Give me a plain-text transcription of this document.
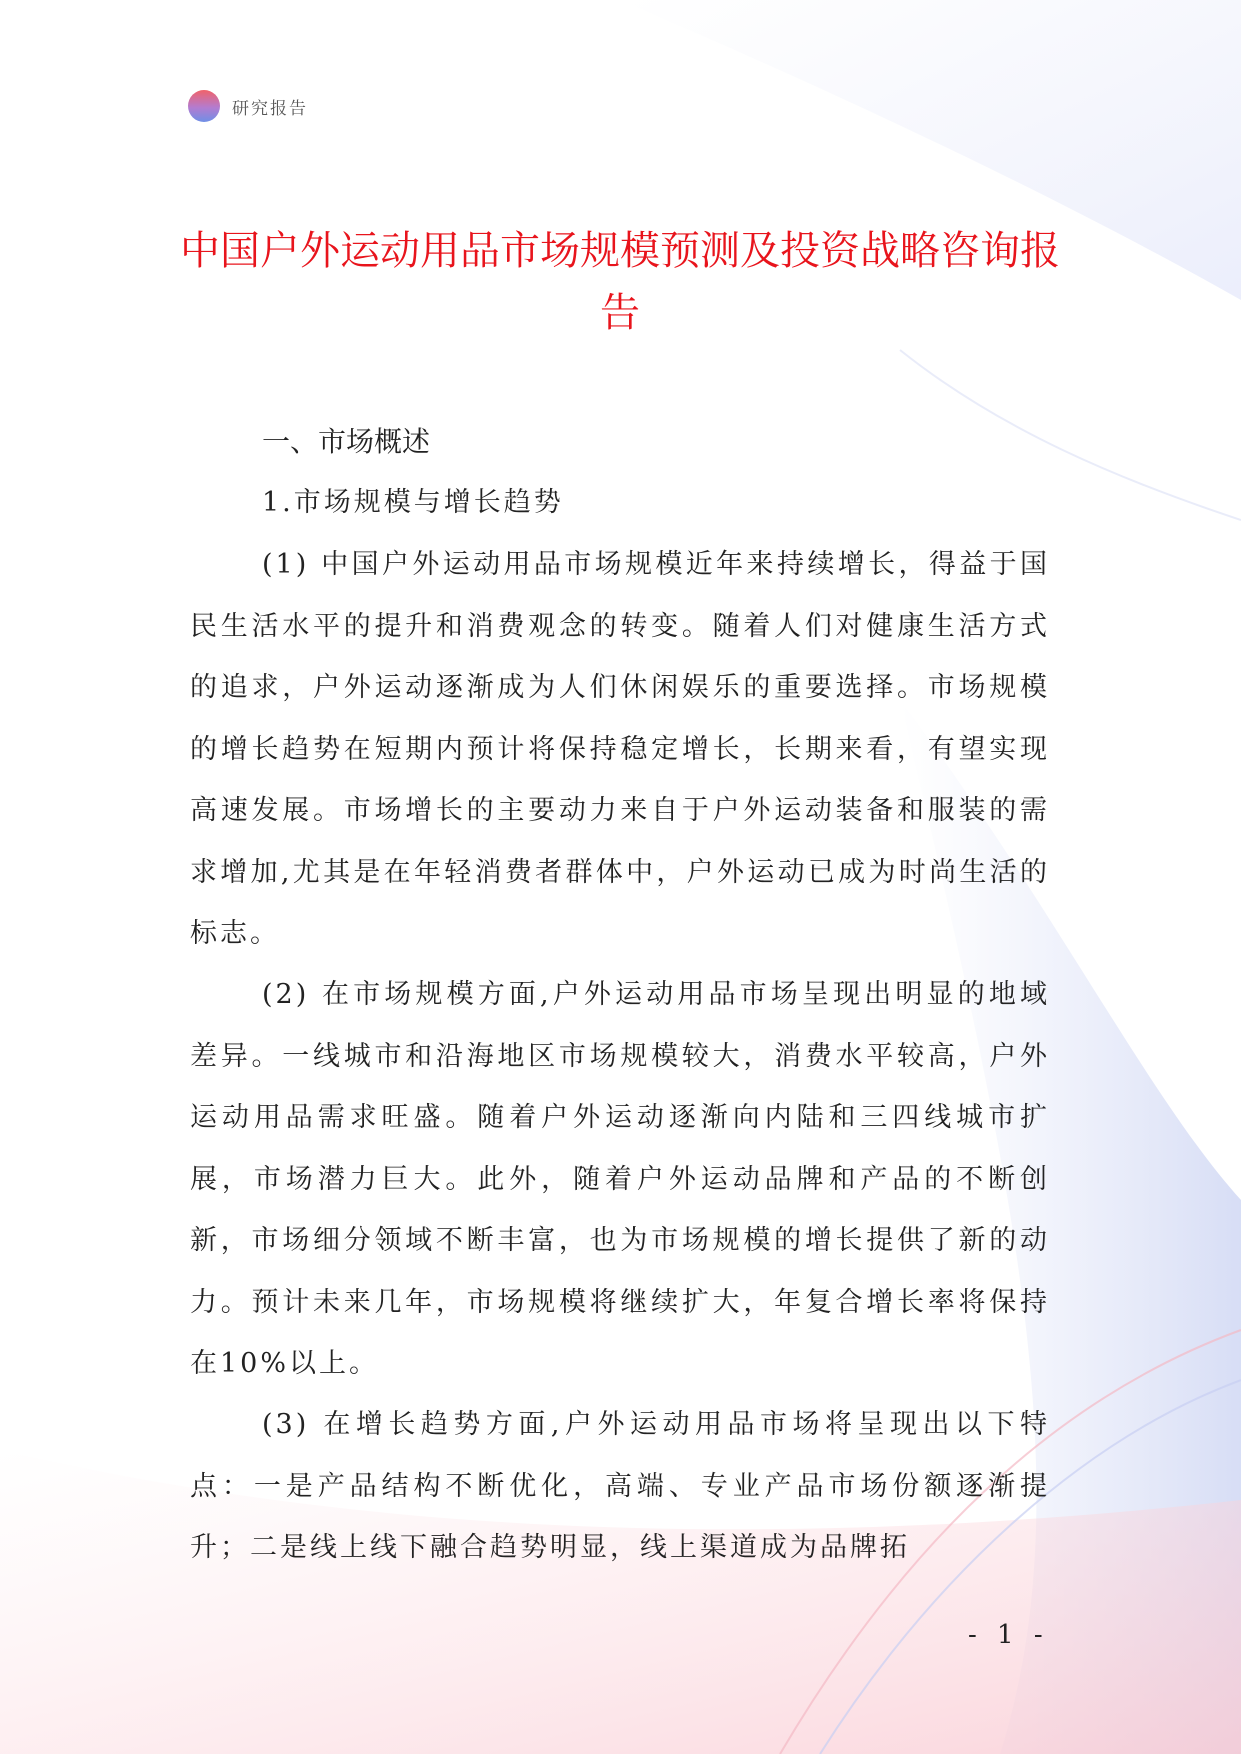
研究报告
中国户外运动用品市场规模预测及投资战略咨询报告
一、市场概述
1.市场规模与增长趋势

(1) 中国户外运动用品市场规模近年来持续增长，得益于国民生活水平的提升和消费观念的转变。随着人们对健康生活方式的追求，户外运动逐渐成为人们休闲娱乐的重要选择。市场规模的增长趋势在短期内预计将保持稳定增长，长期来看，有望实现高速发展。市场增长的主要动力来自于户外运动装备和服装的需求增加,尤其是在年轻消费者群体中，户外运动已成为时尚生活的标志。

(2) 在市场规模方面,户外运动用品市场呈现出明显的地域差异。一线城市和沿海地区市场规模较大，消费水平较高，户外运动用品需求旺盛。随着户外运动逐渐向内陆和三四线城市扩展，市场潜力巨大。此外，随着户外运动品牌和产品的不断创新，市场细分领域不断丰富，也为市场规模的增长提供了新的动力。预计未来几年，市场规模将继续扩大，年复合增长率将保持在10%以上。

(3) 在增长趋势方面,户外运动用品市场将呈现出以下特点：一是产品结构不断优化，高端、专业产品市场份额逐渐提升；二是线上线下融合趋势明显，线上渠道成为品牌拓

- 1 -
